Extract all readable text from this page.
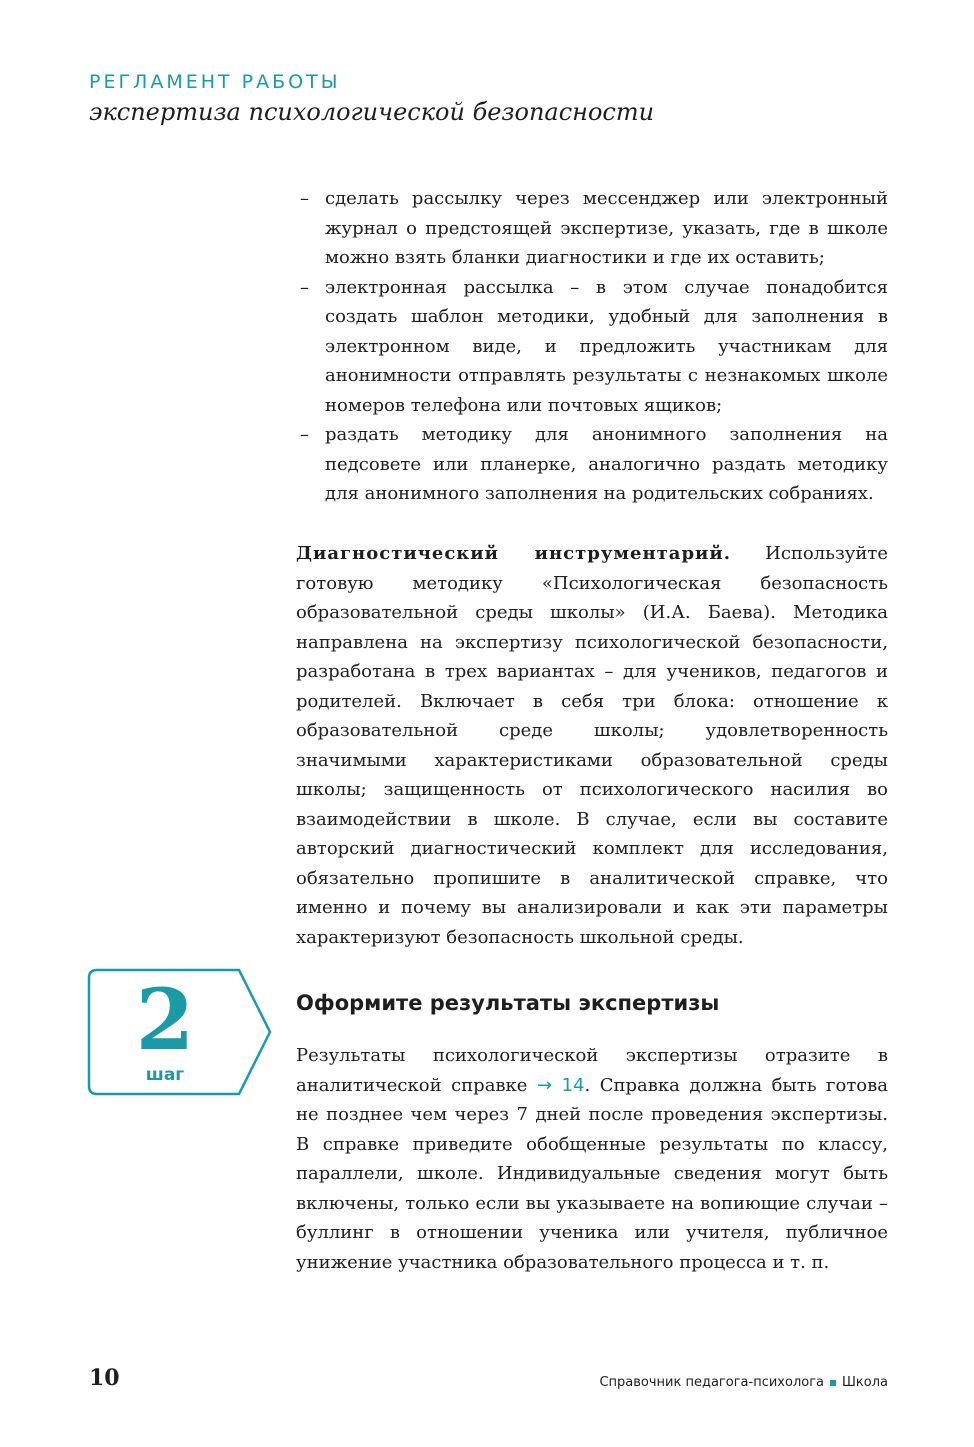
РЕГЛАМЕНТ РАБОТЫ
экспертиза психологической безопасности
– сделать рассылку через мессенджер или электронный журнал о предстоящей экспертизе, указать, где в школе можно взять бланки диагностики и где их оставить;
– электронная рассылка – в этом случае понадобится создать шаблон методики, удобный для заполнения в электронном виде, и предложить участникам для анонимности отправлять результаты с незнакомых школе номеров телефона или почтовых ящиков;
– раздать методику для анонимного заполнения на педсовете или планерке, аналогично раздать методику для анонимного заполнения на родительских собраниях.

Диагностический инструментарий. Используйте готовую методику «Психологическая безопасность образовательной среды школы» (И.А. Баева). Методика направлена на экспертизу психологической безопасности, разработана в трех вариантах – для учеников, педагогов и родителей. Включает в себя три блока: отношение к образовательной среде школы; удовлетворенность значимыми характеристиками образовательной среды школы; защищенность от психологического насилия во взаимодействии в школе. В случае, если вы составите авторский диагностический комплект для исследования, обязательно пропишите в аналитической справке, что именно и почему вы анализировали и как эти параметры характеризуют безопасность школьной среды.

2
шаг
Оформите результаты экспертизы

Результаты психологической экспертизы отразите в аналитической справке → 14. Справка должна быть готова не позднее чем через 7 дней после проведения экспертизы. В справке приведите обобщенные результаты по классу, параллели, школе. Индивидуальные сведения могут быть включены, только если вы указываете на вопиющие случаи – буллинг в отношении ученика или учителя, публичное унижение участника образовательного процесса и т. п.

10	Справочник педагога-психолога Школа
